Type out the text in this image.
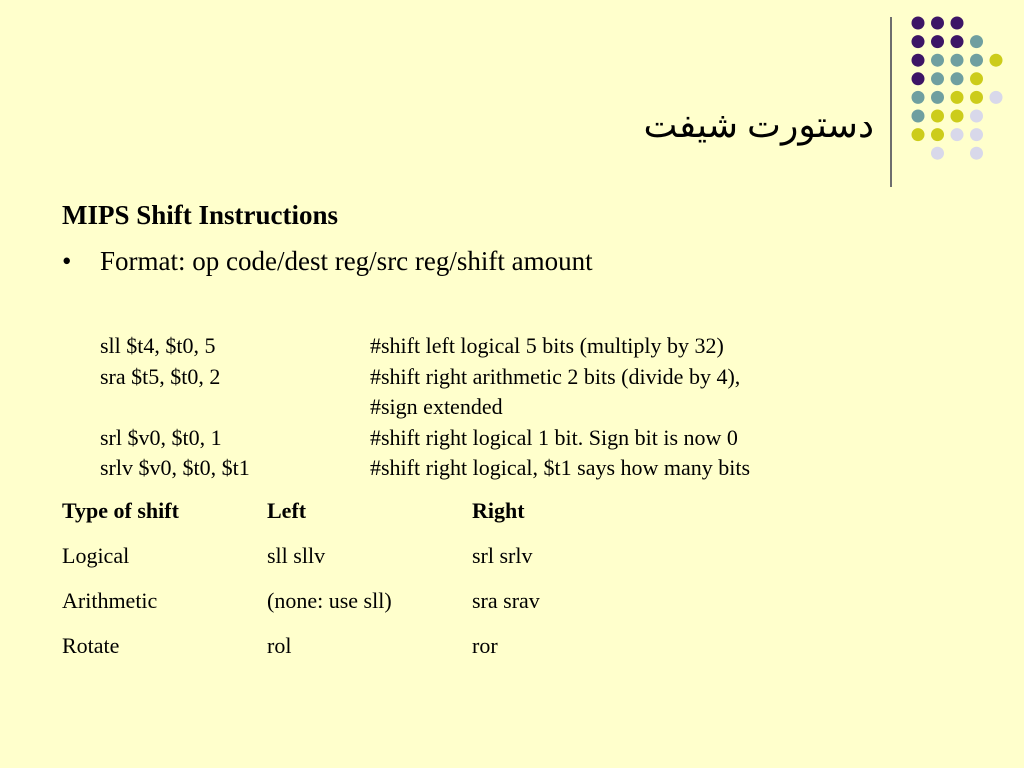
دستورت شيفت
MIPS Shift Instructions
• Format: op code/dest reg/src reg/shift amount
sll $t4, $t0, 5	#shift left logical 5 bits (multiply by 32)
sra $t5, $t0, 2	#shift right arithmetic 2 bits (divide by 4),
#sign extended
srl $v0, $t0, 1	#shift right logical 1 bit. Sign bit is now 0
srlv $v0, $t0, $t1	#shift right logical, $t1 says how many bits
Type of shift	Left	Right
Logical	sll sllv	srl srlv
Arithmetic	(none: use sll)	sra srav
Rotate	rol	ror
